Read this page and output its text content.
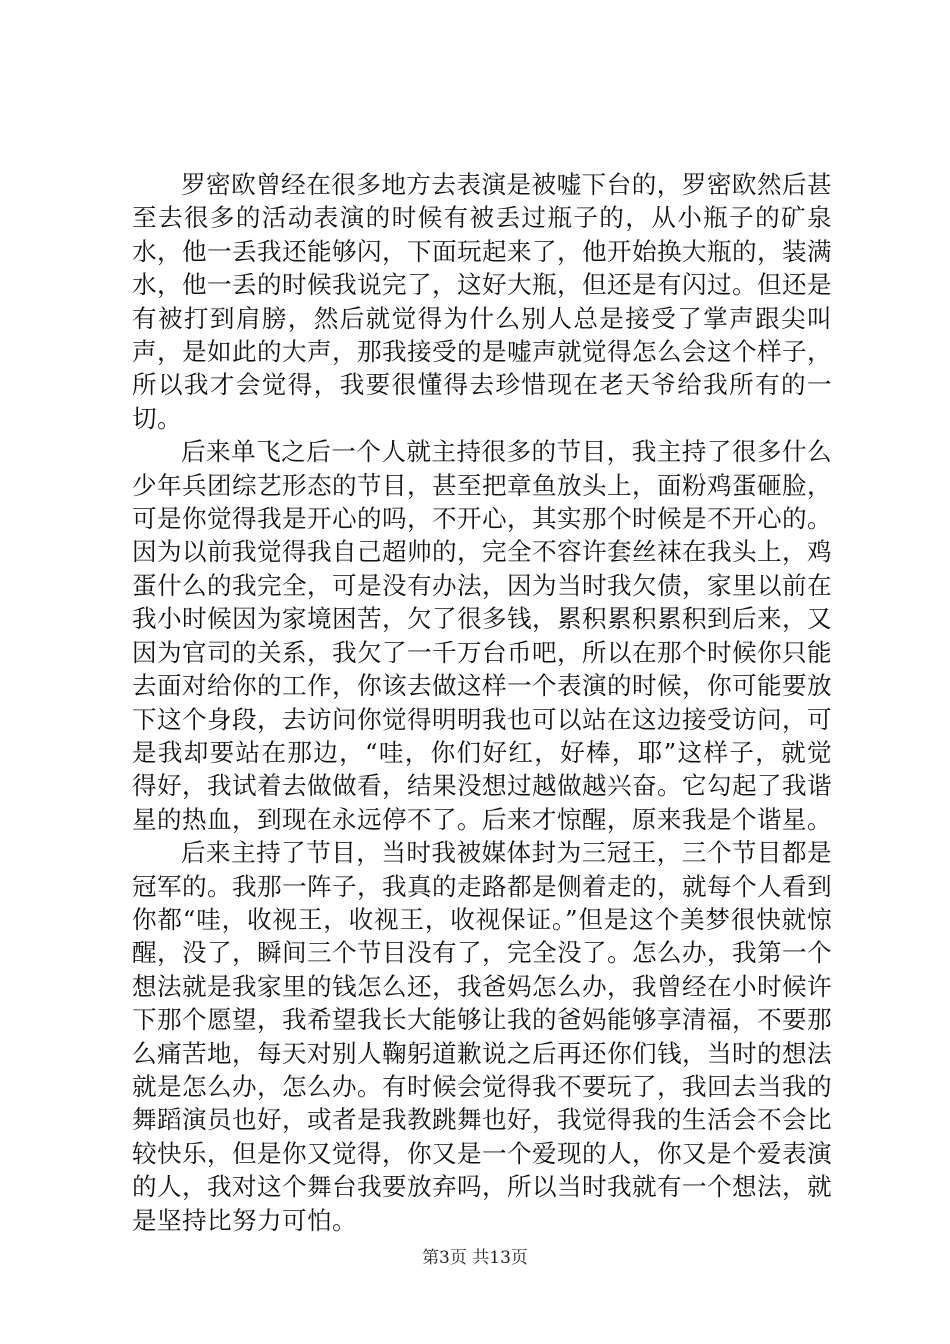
罗密欧曾经在很多地方去表演是被嘘下台的，罗密欧然后甚至去很多的活动表演的时候有被丢过瓶子的，从小瓶子的矿泉水，他一丢我还能够闪，下面玩起来了，他开始换大瓶的，装满水，他一丢的时候我说完了，这好大瓶，但还是有闪过。但还是有被打到肩膀，然后就觉得为什么别人总是接受了掌声跟尖叫声，是如此的大声，那我接受的是嘘声就觉得怎么会这个样子，所以我才会觉得，我要很懂得去珍惜现在老天爷给我所有的一切。

后来单飞之后一个人就主持很多的节目，我主持了很多什么少年兵团综艺形态的节目，甚至把章鱼放头上，面粉鸡蛋砸脸，可是你觉得我是开心的吗，不开心，其实那个时候是不开心的。因为以前我觉得我自己超帅的，完全不容许套丝袜在我头上，鸡蛋什么的我完全，可是没有办法，因为当时我欠债，家里以前在我小时候因为家境困苦，欠了很多钱，累积累积累积到后来，又因为官司的关系，我欠了一千万台币吧，所以在那个时候你只能去面对给你的工作，你该去做这样一个表演的时候，你可能要放下这个身段，去访问你觉得明明我也可以站在这边接受访问，可是我却要站在那边，“哇，你们好红，好棒，耶”这样子，就觉得好，我试着去做做看，结果没想过越做越兴奋。它勾起了我谐星的热血，到现在永远停不了。后来才惊醒，原来我是个谐星。

后来主持了节目，当时我被媒体封为三冠王，三个节目都是冠军的。我那一阵子，我真的走路都是侧着走的，就每个人看到你都“哇，收视王，收视王，收视保证。”但是这个美梦很快就惊醒，没了，瞬间三个节目没有了，完全没了。怎么办，我第一个想法就是我家里的钱怎么还，我爸妈怎么办，我曾经在小时候许下那个愿望，我希望我长大能够让我的爸妈能够享清福，不要那么痛苦地，每天对别人鞠躬道歉说之后再还你们钱，当时的想法就是怎么办，怎么办。有时候会觉得我不要玩了，我回去当我的舞蹈演员也好，或者是我教跳舞也好，我觉得我的生活会不会比较快乐，但是你又觉得，你又是一个爱现的人，你又是个爱表演的人，我对这个舞台我要放弃吗，所以当时我就有一个想法，就是坚持比努力可怕。

第3页 共13页
